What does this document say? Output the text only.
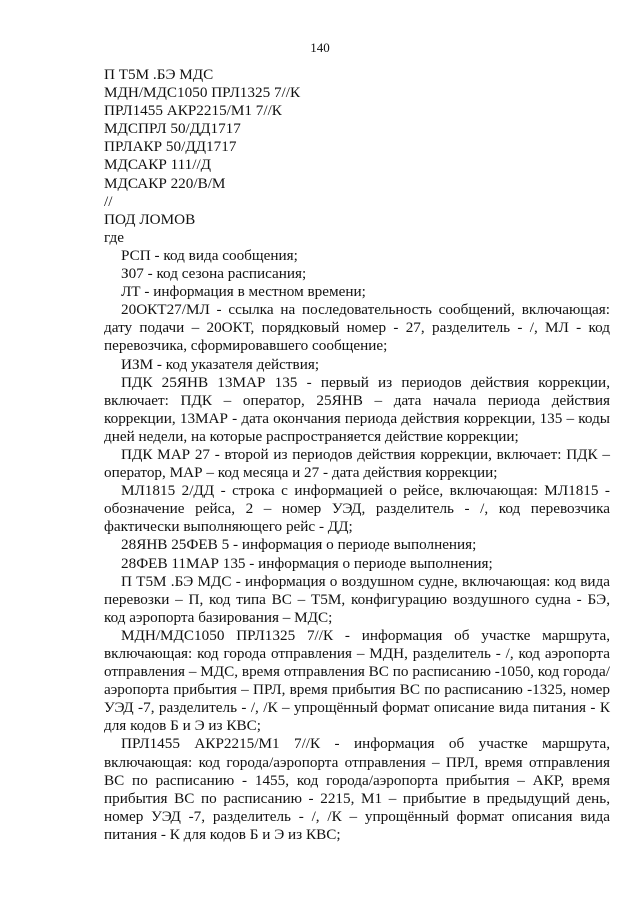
140

П Т5М .БЭ МДС

МДН/МДС1050 ПРЛ1325 7//К

ПРЛ1455 АКР2215/М1 7//К

МДСПРЛ 50/ДД1717

ПРЛАКР 50/ДД1717

МДСАКР 111//Д

МДСАКР 220/В/М

//

ПОД ЛОМОВ

где

РСП - код вида сообщения;

З07 - код сезона расписания;

ЛТ - информация в местном времени;

20ОКТ27/МЛ - ссылка на последовательность сообщений, включающая: дату подачи – 20ОКТ, порядковый номер - 27, разделитель - /, МЛ - код перевозчика, сформировавшего сообщение;

ИЗМ - код указателя действия;

ПДК 25ЯНВ 13МАР 135 - первый из периодов действия коррекции, включает: ПДК – оператор, 25ЯНВ – дата начала периода действия коррекции, 13МАР - дата окончания периода действия коррекции, 135 – коды дней недели, на которые распространяется действие коррекции;

ПДК МАР 27 - второй из периодов действия коррекции, включает: ПДК – оператор, МАР – код месяца и 27 - дата действия коррекции;

МЛ1815 2/ДД - строка с информацией о рейсе, включающая: МЛ1815 - обозначение рейса, 2 – номер УЭД, разделитель - /, код перевозчика фактически выполняющего рейс - ДД;

28ЯНВ 25ФЕВ 5 - информация о периоде выполнения;

28ФЕВ 11МАР 135 - информация о периоде выполнения;

П Т5М .БЭ МДС - информация о воздушном судне, включающая: код вида перевозки – П, код типа ВС – Т5М, конфигурацию воздушного судна - БЭ, код аэропорта базирования – МДС;

МДН/МДС1050 ПРЛ1325 7//К - информация об участке маршрута, включающая: код города отправления – МДН, разделитель - /, код аэропорта отправления – МДС, время отправления ВС по расписанию -1050, код города/аэропорта прибытия – ПРЛ, время прибытия ВС по расписанию -1325, номер УЭД -7, разделитель - /, /К – упрощённый формат описание вида питания - К для кодов Б и Э из КВС;

ПРЛ1455 АКР2215/М1 7//К - информация об участке маршрута, включающая: код города/аэропорта отправления – ПРЛ, время отправления ВС по расписанию - 1455, код города/аэропорта прибытия – АКР, время прибытия ВС по расписанию - 2215, М1 – прибытие в предыдущий день, номер УЭД -7, разделитель - /, /К – упрощённый формат описания вида питания - К для кодов Б и Э из КВС;
